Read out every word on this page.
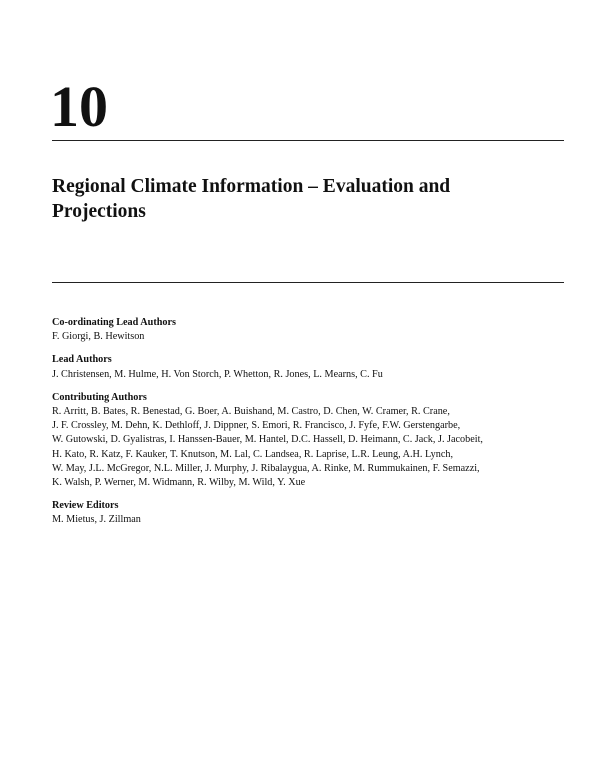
10
Regional Climate Information – Evaluation and
Projections

Co-ordinating Lead Authors

F. Giorgi, B. Hewitson

Lead Authors

J. Christensen, M. Hulme, H. Von Storch, P. Whetton, R. Jones, L. Mearns, C. Fu

Contributing Authors

R. Arritt, B. Bates, R. Benestad, G. Boer, A. Buishand, M. Castro, D. Chen, W. Cramer, R. Crane,

J. F. Crossley, M. Dehn, K. Dethloff, J. Dippner, S. Emori, R. Francisco, J. Fyfe, F.W. Gerstengarbe,

W. Gutowski, D. Gyalistras, I. Hanssen-Bauer, M. Hantel, D.C. Hassell, D. Heimann, C. Jack, J. Jacobeit,

H. Kato, R. Katz, F. Kauker, T. Knutson, M. Lal, C. Landsea, R. Laprise, L.R. Leung, A.H. Lynch,

W. May, J.L. McGregor, N.L. Miller, J. Murphy, J. Ribalaygua, A. Rinke, M. Rummukainen, F. Semazzi,

K. Walsh, P. Werner, M. Widmann, R. Wilby, M. Wild, Y. Xue

Review Editors

M. Mietus, J. Zillman
